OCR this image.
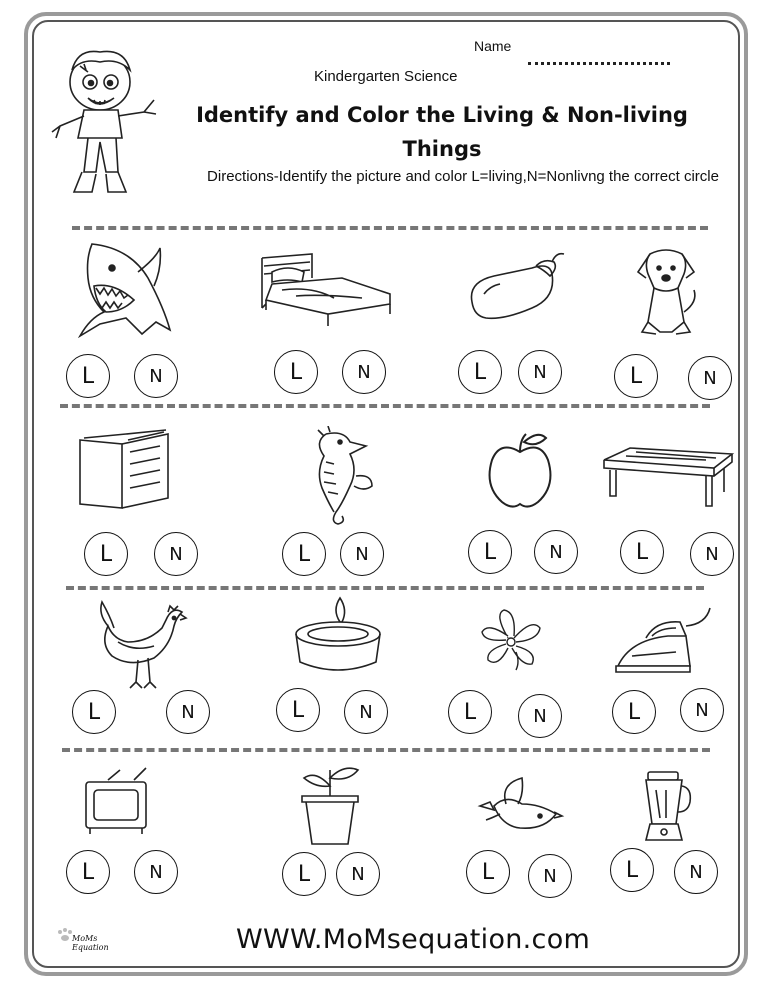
Name
Kindergarten Science
Identify and Color the Living & Non-living Things
Directions-Identify the picture and color L=living,N=Nonlivng the correct circle
L	N	L	N	L	N	L	N
L	N	L	N	L	N	L	N
L	N	L	N	L	N	L	N
L	N	L	N	L	N	L	N
MoMs Equation	WWW.MoMsequation.com
